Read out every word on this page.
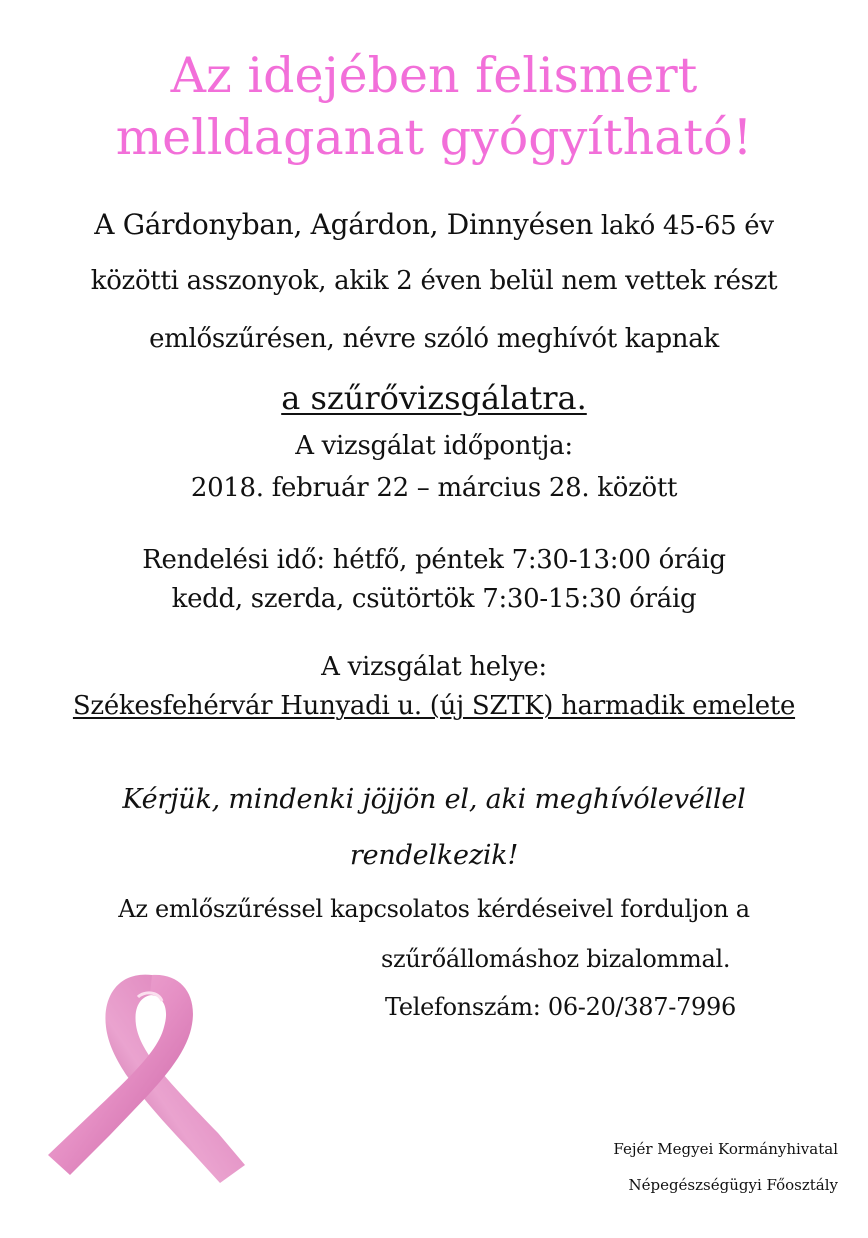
Az idejében felismert
melldaganat gyógyítható!
A Gárdonyban, Agárdon, Dinnyésen lakó 45-65 év
közötti asszonyok, akik 2 éven belül nem vettek részt
emlőszűrésen, névre szóló meghívót kapnak
a szűrővizsgálatra.
A vizsgálat időpontja:
2018. február 22 – március 28. között
Rendelési idő: hétfő, péntek 7:30-13:00 óráig
kedd, szerda, csütörtök 7:30-15:30 óráig
A vizsgálat helye:
Székesfehérvár Hunyadi u. (új SZTK) harmadik emelete
Kérjük, mindenki jöjjön el, aki meghívólevéllel
rendelkezik!
Az emlőszűréssel kapcsolatos kérdéseivel forduljon a
szűrőállomáshoz bizalommal.
Telefonszám: 06-20/387-7996
Fejér Megyei Kormányhivatal
Népegészségügyi Főosztály
